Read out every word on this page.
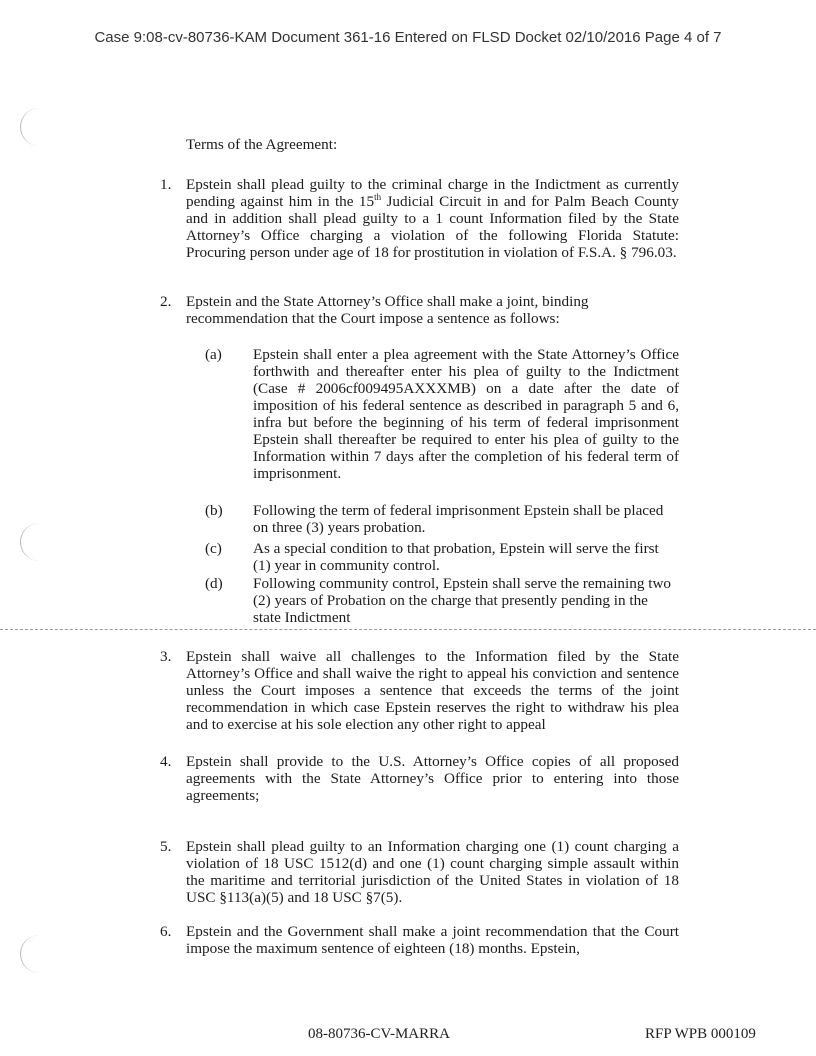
Case 9:08-cv-80736-KAM Document 361-16 Entered on FLSD Docket 02/10/2016 Page 4 of 7

Terms of the Agreement:

1. Epstein shall plead guilty to the criminal charge in the Indictment as currently pending against him in the 15th Judicial Circuit in and for Palm Beach County and in addition shall plead guilty to a 1 count Information filed by the State Attorney’s Office charging a violation of the following Florida Statute: Procuring person under age of 18 for prostitution in violation of F.S.A. § 796.03.

2. Epstein and the State Attorney’s Office shall make a joint, binding recommendation that the Court impose a sentence as follows:

(a) Epstein shall enter a plea agreement with the State Attorney’s Office forthwith and thereafter enter his plea of guilty to the Indictment (Case # 2006cf009495AXXXMB) on a date after the date of imposition of his federal sentence as described in paragraph 5 and 6, infra but before the beginning of his term of federal imprisonment Epstein shall thereafter be required to enter his plea of guilty to the Information within 7 days after the completion of his federal term of imprisonment.

(b) Following the term of federal imprisonment Epstein shall be placed on three (3) years probation.

(c) As a special condition to that probation, Epstein will serve the first (1) year in community control.

(d) Following community control, Epstein shall serve the remaining two (2) years of Probation on the charge that presently pending in the state Indictment

3. Epstein shall waive all challenges to the Information filed by the State Attorney’s Office and shall waive the right to appeal his conviction and sentence unless the Court imposes a sentence that exceeds the terms of the joint recommendation in which case Epstein reserves the right to withdraw his plea and to exercise at his sole election any other right to appeal

4. Epstein shall provide to the U.S. Attorney’s Office copies of all proposed agreements with the State Attorney’s Office prior to entering into those agreements;

5. Epstein shall plead guilty to an Information charging one (1) count charging a violation of 18 USC 1512(d) and one (1) count charging simple assault within the maritime and territorial jurisdiction of the United States in violation of 18 USC §113(a)(5) and 18 USC §7(5).

6. Epstein and the Government shall make a joint recommendation that the Court impose the maximum sentence of eighteen (18) months. Epstein,

08-80736-CV-MARRA	RFP WPB 000109
